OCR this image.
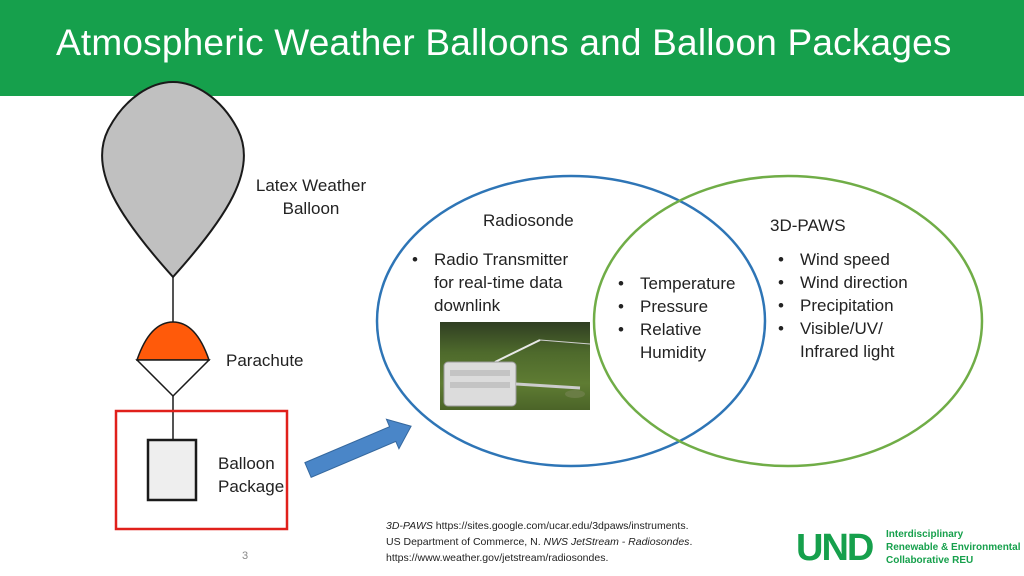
Atmospheric Weather Balloons and Balloon Packages
Latex Weather
Balloon
Parachute
Balloon
Package
Radiosonde	3D-PAWS
• Radio Transmitter for real-time data downlink
• Temperature
• Pressure
• Relative Humidity
• Wind speed
• Wind direction
• Precipitation
• Visible/UV/ Infrared light
3D-PAWS https://sites.google.com/ucar.edu/3dpaws/instruments.
US Department of Commerce, N. NWS JetStream - Radiosondes.
https://www.weather.gov/jetstream/radiosondes.
3	UND Interdisciplinary
Renewable & Environmental
Collaborative REU
